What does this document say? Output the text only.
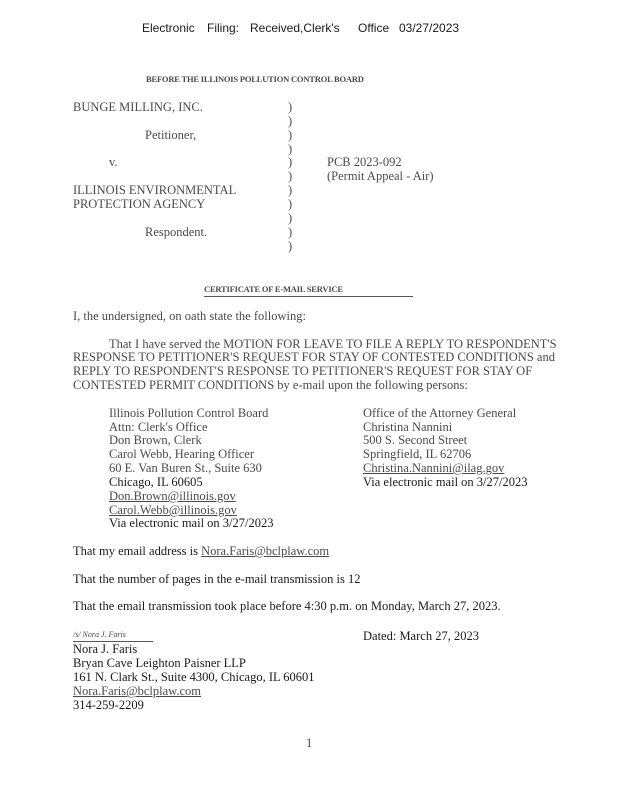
Electronic Filing: Received,Clerk's Office 03/27/2023
BEFORE THE ILLINOIS POLLUTION CONTROL BOARD
BUNGE MILLING, INC.
Petitioner,
v.
ILLINOIS ENVIRONMENTAL
PROTECTION AGENCY
Respondent.
)
)
)
)
)
)
)
)
)
)
)
PCB 2023-092
(Permit Appeal - Air)
CERTIFICATE OF E-MAIL SERVICE
I, the undersigned, on oath state the following:
That I have served the MOTION FOR LEAVE TO FILE A REPLY TO RESPONDENT'S
RESPONSE TO PETITIONER'S REQUEST FOR STAY OF CONTESTED CONDITIONS and
REPLY TO RESPONDENT'S RESPONSE TO PETITIONER'S REQUEST FOR STAY OF
CONTESTED PERMIT CONDITIONS by e-mail upon the following persons:
Illinois Pollution Control Board
Attn: Clerk's Office
Don Brown, Clerk
Carol Webb, Hearing Officer
60 E. Van Buren St., Suite 630
Chicago, IL 60605
Don.Brown@illinois.gov
Carol.Webb@illinois.gov
Via electronic mail on 3/27/2023
Office of the Attorney General
Christina Nannini
500 S. Second Street
Springfield, IL 62706
Christina.Nannini@ilag.gov
Via electronic mail on 3/27/2023
That my email address is Nora.Faris@bclplaw.com
That the number of pages in the e-mail transmission is 12
That the email transmission took place before 4:30 p.m. on Monday, March 27, 2023.
/s/ Nora J. Faris	Dated: March 27, 2023
Nora J. Faris
Bryan Cave Leighton Paisner LLP
161 N. Clark St., Suite 4300, Chicago, IL 60601
Nora.Faris@bclplaw.com
314-259-2209
1
